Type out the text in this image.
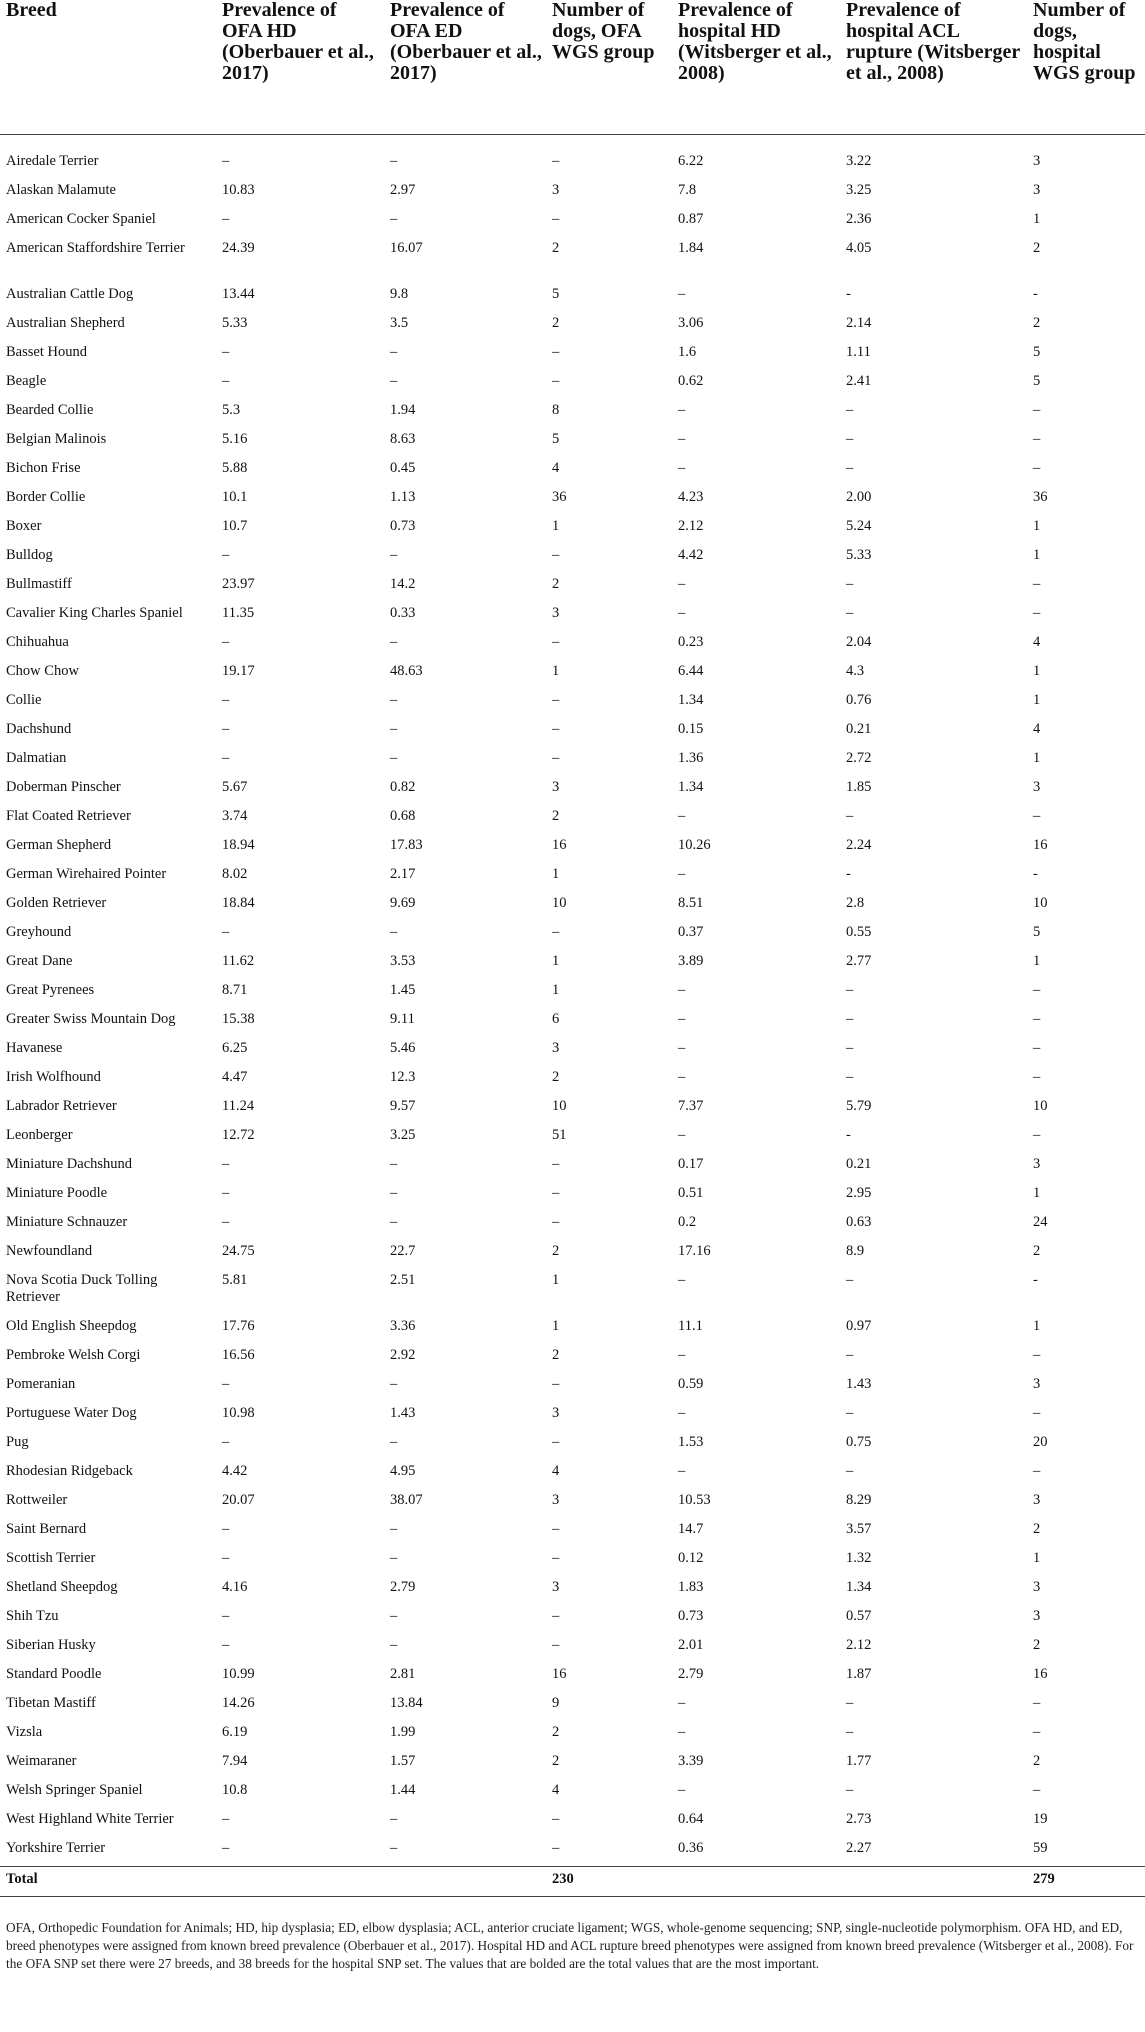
Breed	Prevalence of OFA HD (Oberbauer et al., 2017)	Prevalence of OFA ED (Oberbauer et al., 2017)	Number of dogs, OFA WGS group	Prevalence of hospital HD (Witsberger et al., 2008)	Prevalence of hospital ACL rupture (Witsberger et al., 2008)	Number of dogs, hospital WGS group
Airedale Terrier	–	–	–	6.22	3.22	3
Alaskan Malamute	10.83	2.97	3	7.8	3.25	3
American Cocker Spaniel	–	–	–	0.87	2.36	1
American Staffordshire Terrier	24.39	16.07	2	1.84	4.05	2
Australian Cattle Dog	13.44	9.8	5	–	-	-
Australian Shepherd	5.33	3.5	2	3.06	2.14	2
Basset Hound	–	–	–	1.6	1.11	5
Beagle	–	–	–	0.62	2.41	5
Bearded Collie	5.3	1.94	8	–	–	–
Belgian Malinois	5.16	8.63	5	–	–	–
Bichon Frise	5.88	0.45	4	–	–	–
Border Collie	10.1	1.13	36	4.23	2.00	36
Boxer	10.7	0.73	1	2.12	5.24	1
Bulldog	–	–	–	4.42	5.33	1
Bullmastiff	23.97	14.2	2	–	–	–
Cavalier King Charles Spaniel	11.35	0.33	3	–	–	–
Chihuahua	–	–	–	0.23	2.04	4
Chow Chow	19.17	48.63	1	6.44	4.3	1
Collie	–	–	–	1.34	0.76	1
Dachshund	–	–	–	0.15	0.21	4
Dalmatian	–	–	–	1.36	2.72	1
Doberman Pinscher	5.67	0.82	3	1.34	1.85	3
Flat Coated Retriever	3.74	0.68	2	–	–	–
German Shepherd	18.94	17.83	16	10.26	2.24	16
German Wirehaired Pointer	8.02	2.17	1	–	-	-
Golden Retriever	18.84	9.69	10	8.51	2.8	10
Greyhound	–	–	–	0.37	0.55	5
Great Dane	11.62	3.53	1	3.89	2.77	1
Great Pyrenees	8.71	1.45	1	–	–	–
Greater Swiss Mountain Dog	15.38	9.11	6	–	–	–
Havanese	6.25	5.46	3	–	–	–
Irish Wolfhound	4.47	12.3	2	–	–	–
Labrador Retriever	11.24	9.57	10	7.37	5.79	10
Leonberger	12.72	3.25	51	–	-	–
Miniature Dachshund	–	–	–	0.17	0.21	3
Miniature Poodle	–	–	–	0.51	2.95	1
Miniature Schnauzer	–	–	–	0.2	0.63	24
Newfoundland	24.75	22.7	2	17.16	8.9	2
Nova Scotia Duck Tolling Retriever	5.81	2.51	1	–	–	-
Old English Sheepdog	17.76	3.36	1	11.1	0.97	1
Pembroke Welsh Corgi	16.56	2.92	2	–	–	–
Pomeranian	–	–	–	0.59	1.43	3
Portuguese Water Dog	10.98	1.43	3	–	–	–
Pug	–	–	–	1.53	0.75	20
Rhodesian Ridgeback	4.42	4.95	4	–	–	–
Rottweiler	20.07	38.07	3	10.53	8.29	3
Saint Bernard	–	–	–	14.7	3.57	2
Scottish Terrier	–	–	–	0.12	1.32	1
Shetland Sheepdog	4.16	2.79	3	1.83	1.34	3
Shih Tzu	–	–	–	0.73	0.57	3
Siberian Husky	–	–	–	2.01	2.12	2
Standard Poodle	10.99	2.81	16	2.79	1.87	16
Tibetan Mastiff	14.26	13.84	9	–	–	–
Vizsla	6.19	1.99	2	–	–	–
Weimaraner	7.94	1.57	2	3.39	1.77	2
Welsh Springer Spaniel	10.8	1.44	4	–	–	–
West Highland White Terrier	–	–	–	0.64	2.73	19
Yorkshire Terrier	–	–	–	0.36	2.27	59
Total			230			279
OFA, Orthopedic Foundation for Animals; HD, hip dysplasia; ED, elbow dysplasia; ACL, anterior cruciate ligament; WGS, whole-genome sequencing; SNP, single-nucleotide polymorphism. OFA HD, and ED, breed phenotypes were assigned from known breed prevalence (Oberbauer et al., 2017). Hospital HD and ACL rupture breed phenotypes were assigned from known breed prevalence (Witsberger et al., 2008). For the OFA SNP set there were 27 breeds, and 38 breeds for the hospital SNP set. The values that are bolded are the total values that are the most important.
